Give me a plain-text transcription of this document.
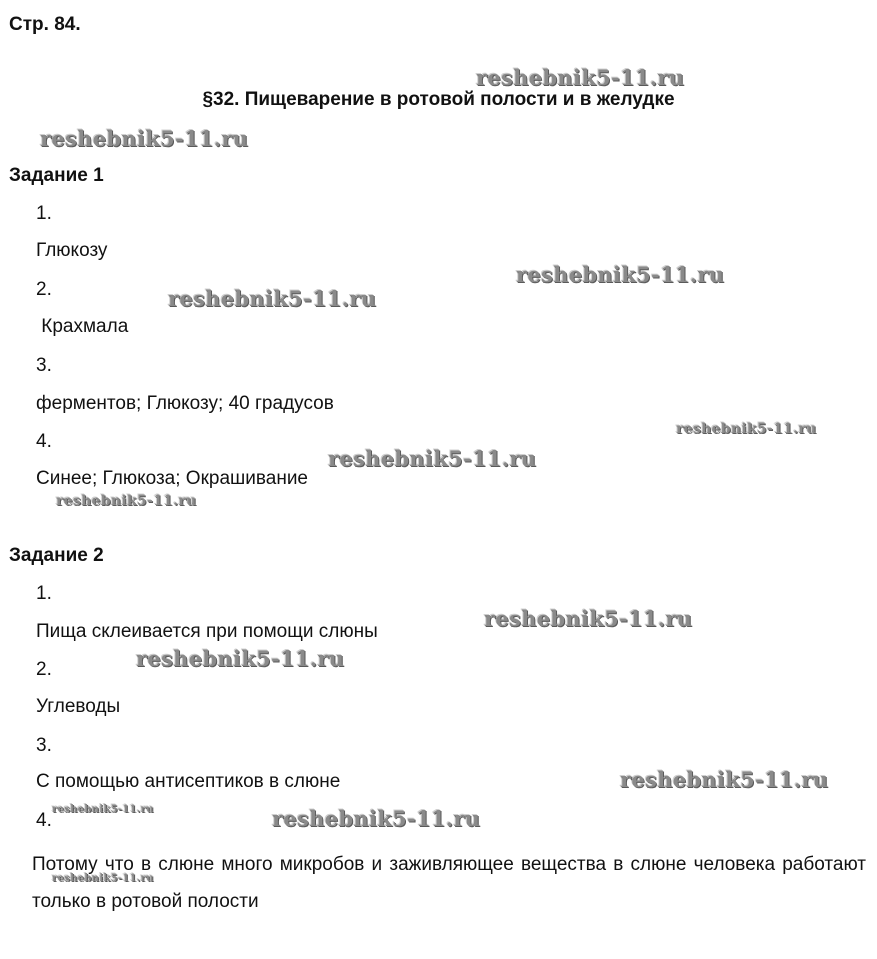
Стр. 84.
§32. Пищеварение в ротовой полости и в желудке
Задание 1
1.
Глюкозу
2.
Крахмала
3.
ферментов; Глюкозу; 40 градусов
4.
Синее; Глюкоза; Окрашивание
Задание 2
1.
Пища склеивается при помощи слюны
2.
Углеводы
3.
С помощью антисептиков в слюне
4.
Потому что в слюне много микробов и заживляющее вещества в слюне человека работают только в ротовой полости
reshebnik5-11.ru
reshebnik5-11.ru
reshebnik5-11.ru
reshebnik5-11.ru
reshebnik5-11.ru
reshebnik5-11.ru
reshebnik5-11.ru
reshebnik5-11.ru
reshebnik5-11.ru
reshebnik5-11.ru
reshebnik5-11.ru	reshebnik5-11.ru
reshebnik5-11.ru
